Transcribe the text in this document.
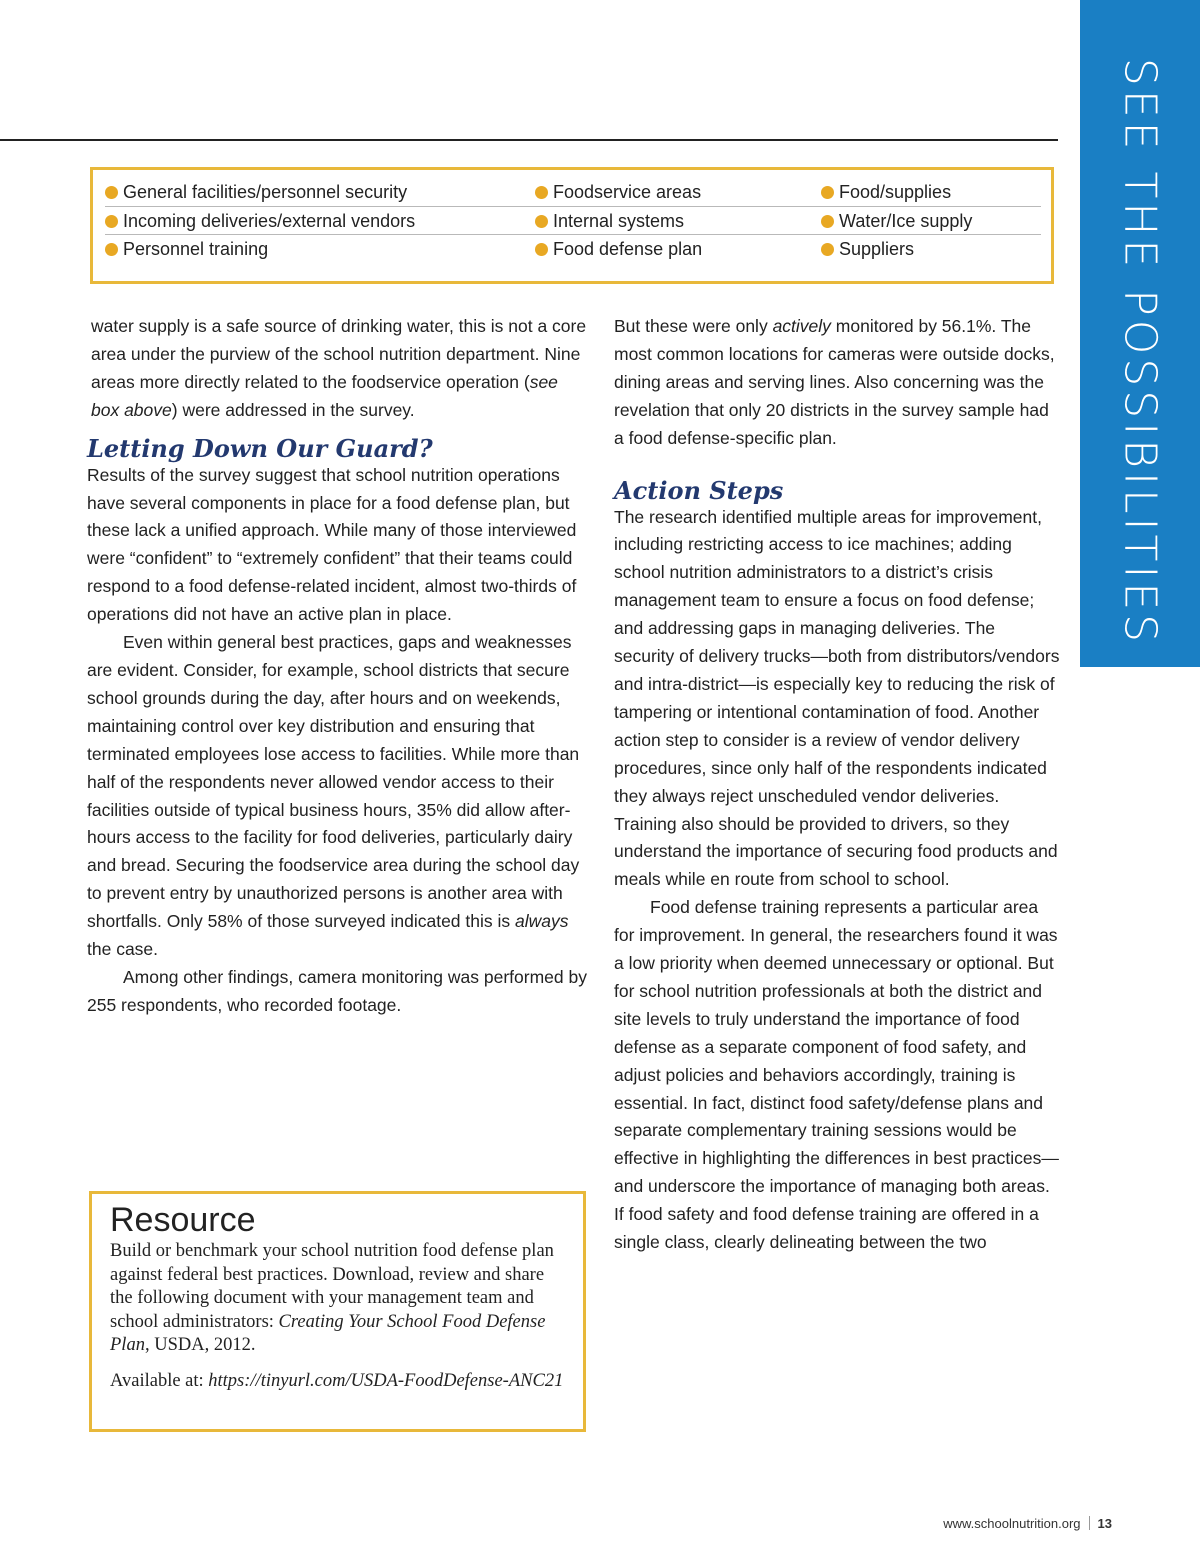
SEE THE POSSIBILITIES
General facilities/personnel security	Foodservice areas	Food/supplies
Incoming deliveries/external vendors	Internal systems	Water/Ice supply
Personnel training	Food defense plan	Suppliers

water supply is a safe source of drinking water, this is not a core area under the purview of the school nutrition department. Nine areas more directly related to the foodservice operation (see box above) were addressed in the survey.

Letting Down Our Guard?

Results of the survey suggest that school nutrition operations have several components in place for a food defense plan, but these lack a unified approach. While many of those interviewed were “confident” to “extremely confident” that their teams could respond to a food defense-related incident, almost two-thirds of operations did not have an active plan in place.

Even within general best practices, gaps and weaknesses are evident. Consider, for example, school districts that secure school grounds during the day, after hours and on weekends, maintaining control over key distribution and ensuring that terminated employees lose access to facilities. While more than half of the respondents never allowed vendor access to their facilities outside of typical business hours, 35% did allow after-hours access to the facility for food deliveries, particularly dairy and bread. Securing the foodservice area during the school day to prevent entry by unauthorized persons is another area with shortfalls. Only 58% of those surveyed indicated this is always the case.

Among other findings, camera monitoring was performed by 255 respondents, who recorded footage.

Resource

Build or benchmark your school nutrition food defense plan against federal best practices. Download, review and share the following document with your management team and school administrators: Creating Your School Food Defense Plan, USDA, 2012.

Available at: https://tinyurl.com/USDA-FoodDefense-ANC21

But these were only actively monitored by 56.1%. The most common locations for cameras were outside docks, dining areas and serving lines. Also concerning was the revelation that only 20 districts in the survey sample had a food defense-specific plan.

Action Steps

The research identified multiple areas for improvement, including restricting access to ice machines; adding school nutrition administrators to a district’s crisis management team to ensure a focus on food defense; and addressing gaps in managing deliveries. The security of delivery trucks—both from distributors/vendors and intra-district—is especially key to reducing the risk of tampering or intentional contamination of food. Another action step to consider is a review of vendor delivery procedures, since only half of the respondents indicated they always reject unscheduled vendor deliveries. Training also should be provided to drivers, so they understand the importance of securing food products and meals while en route from school to school.

Food defense training represents a particular area for improvement. In general, the researchers found it was a low priority when deemed unnecessary or optional. But for school nutrition professionals at both the district and site levels to truly understand the importance of food defense as a separate component of food safety, and adjust policies and behaviors accordingly, training is essential. In fact, distinct food safety/defense plans and separate complementary training sessions would be effective in highlighting the differences in best practices—and underscore the importance of managing both areas. If food safety and food defense training are offered in a single class, clearly delineating between the two

www.schoolnutrition.org 13
